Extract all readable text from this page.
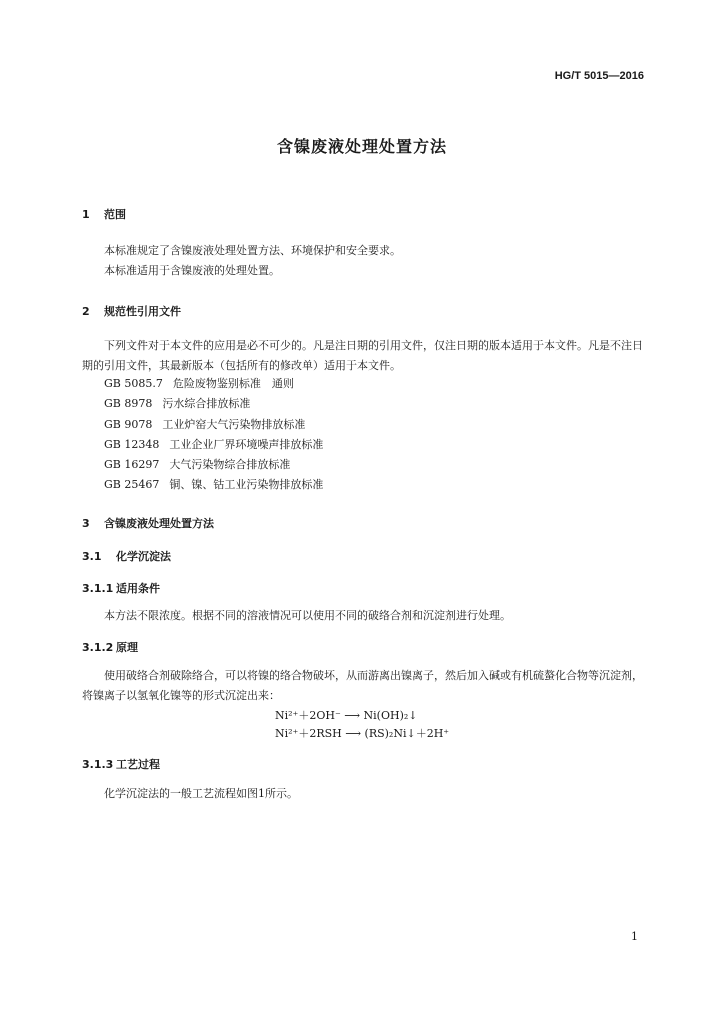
HG/T 5015—2016
含镍废液处理处置方法
1 范围
本标准规定了含镍废液处理处置方法、环境保护和安全要求。
本标准适用于含镍废液的处理处置。
2 规范性引用文件
下列文件对于本文件的应用是必不可少的。凡是注日期的引用文件，仅注日期的版本适用于本文件。凡是不注日期的引用文件，其最新版本（包括所有的修改单）适用于本文件。
GB 5085.7 危险废物鉴别标准　通则
GB 8978 污水综合排放标准
GB 9078 工业炉窑大气污染物排放标准
GB 12348 工业企业厂界环境噪声排放标准
GB 16297 大气污染物综合排放标准
GB 25467 铜、镍、钴工业污染物排放标准
3 含镍废液处理处置方法
3.1 化学沉淀法
3.1.1 适用条件
本方法不限浓度。根据不同的溶液情况可以使用不同的破络合剂和沉淀剂进行处理。
3.1.2 原理
使用破络合剂破除络合，可以将镍的络合物破坏，从而游离出镍离子，然后加入碱或有机硫螯化合物等沉淀剂，将镍离子以氢氧化镍等的形式沉淀出来：
Ni²⁺＋2OH⁻ ⟶ Ni(OH)₂↓
Ni²⁺＋2RSH ⟶ (RS)₂Ni↓＋2H⁺
3.1.3 工艺过程
化学沉淀法的一般工艺流程如图1所示。
1
